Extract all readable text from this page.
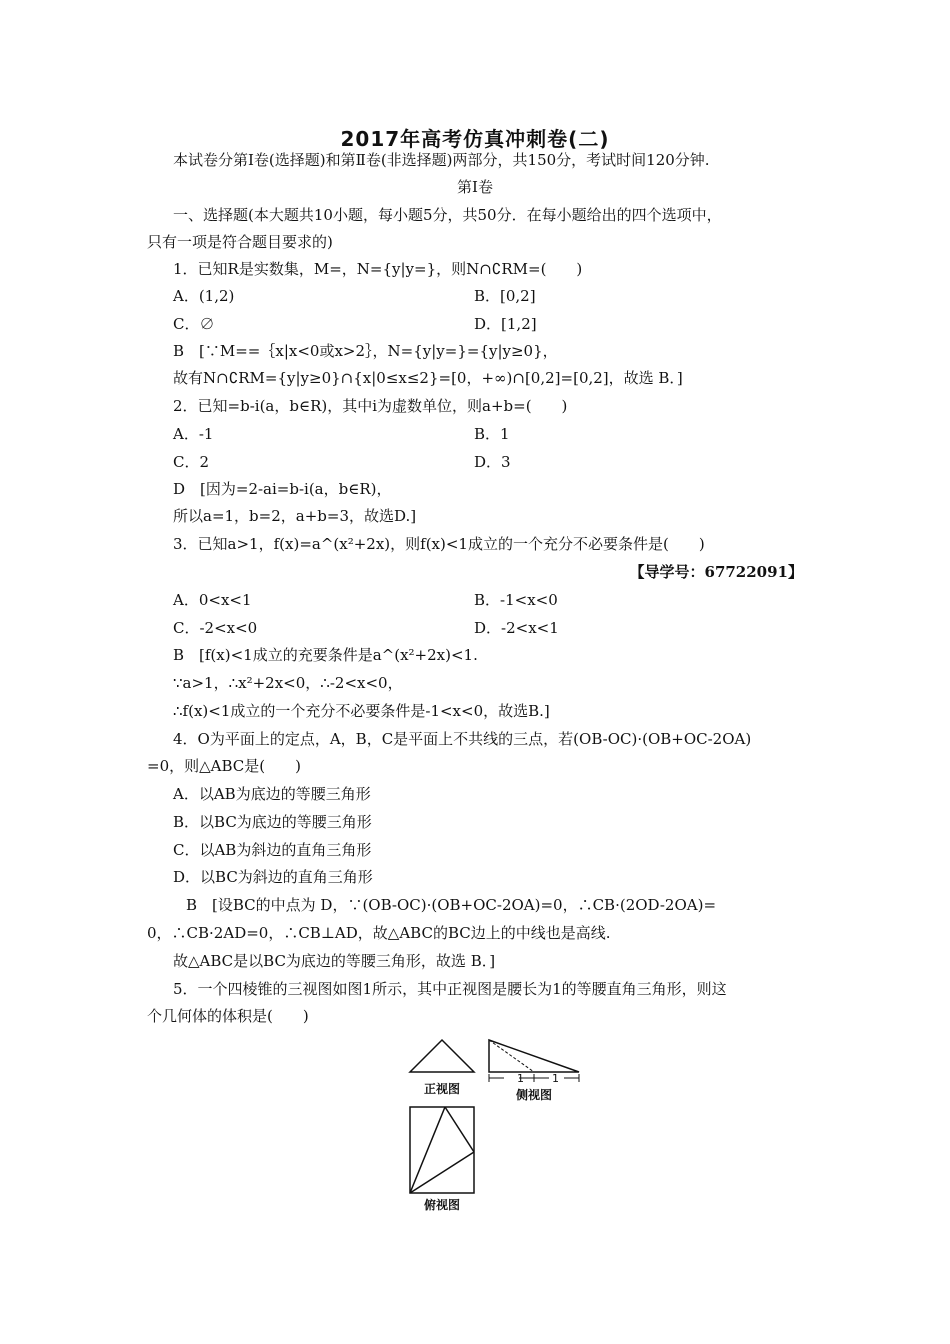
2017年高考仿真冲刺卷(二)
本试卷分第Ⅰ卷(选择题)和第Ⅱ卷(非选择题)两部分，共150分，考试时间120分钟.
第Ⅰ卷
一、选择题(本大题共10小题，每小题5分，共50分．在每小题给出的四个选项中，
只有一项是符合题目要求的)
1．已知R是实数集，M=，N={y|y=}，则N∩∁RM=(　　)
A．(1,2)	B．[0,2]
C．∅	D．[1,2]
B　[∵M==｛x|x<0或x>2｝，N={y|y=}={y|y≥0}，
故有N∩∁RM={y|y≥0}∩{x|0≤x≤2}=[0，+∞)∩[0,2]=[0,2]，故选 B．]
2．已知=b-i(a，b∈R)，其中i为虚数单位，则a+b=(　　)
A．-1	B．1
C．2	D．3
D　[因为=2-ai=b-i(a，b∈R)，
所以a=1，b=2，a+b=3，故选D.]
3．已知a>1，f(x)=a^(x²+2x)，则f(x)<1成立的一个充分不必要条件是(　　)
【导学号：67722091】
A．0<x<1	B．-1<x<0
C．-2<x<0	D．-2<x<1
B　[f(x)<1成立的充要条件是a^(x²+2x)<1.
∵a>1，∴x²+2x<0，∴-2<x<0，
∴f(x)<1成立的一个充分不必要条件是-1<x<0，故选B.]
4．O为平面上的定点，A，B，C是平面上不共线的三点，若(OB-OC)·(OB+OC-2OA)
=0，则△ABC是(　　)
A．以AB为底边的等腰三角形
B．以BC为底边的等腰三角形
C．以AB为斜边的直角三角形
D．以BC为斜边的直角三角形
B　[设BC的中点为 D，∵(OB-OC)·(OB+OC-2OA)=0，∴CB·(2OD-2OA)=
0，∴CB·2AD=0，∴CB⊥AD，故△ABC的BC边上的中线也是高线.
故△ABC是以BC为底边的等腰三角形，故选 B．]
5．一个四棱锥的三视图如图1所示，其中正视图是腰长为1的等腰直角三角形，则这
个几何体的体积是(　　)
1	1
正视图	侧视图
俯视图
